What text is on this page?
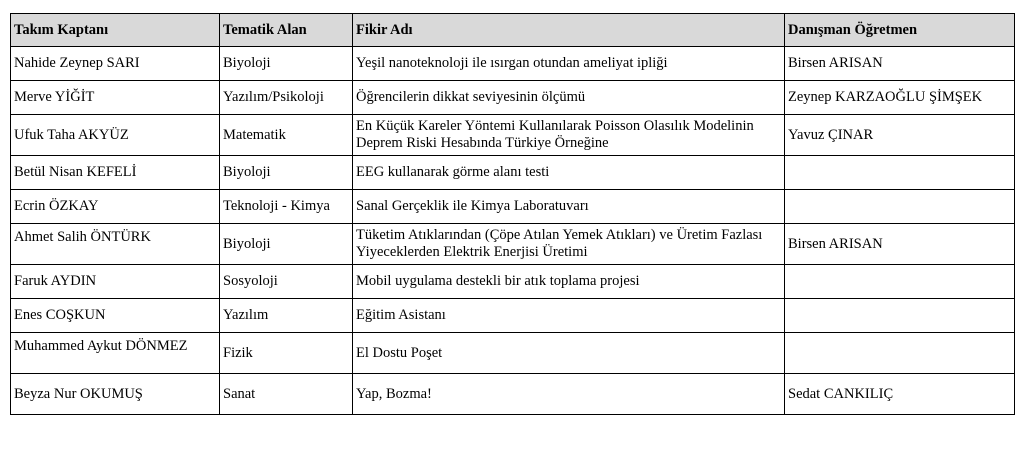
Takım Kaptanı	Tematik Alan	Fikir Adı	Danışman Öğretmen
Nahide Zeynep SARI	Biyoloji	Yeşil nanoteknoloji ile ısırgan otundan ameliyat ipliği	Birsen ARISAN
Merve YİĞİT	Yazılım/Psikoloji	Öğrencilerin dikkat seviyesinin ölçümü	Zeynep KARZAOĞLU ŞİMŞEK
Ufuk Taha AKYÜZ	Matematik	En Küçük Kareler Yöntemi Kullanılarak Poisson Olasılık Modelinin Deprem Riski Hesabında Türkiye Örneğine	Yavuz ÇINAR
Betül Nisan KEFELİ	Biyoloji	EEG kullanarak görme alanı testi	
Ecrin ÖZKAY	Teknoloji - Kimya	Sanal Gerçeklik ile Kimya Laboratuvarı	
Ahmet Salih ÖNTÜRK	Biyoloji	Tüketim Atıklarından (Çöpe Atılan Yemek Atıkları) ve Üretim Fazlası Yiyeceklerden Elektrik Enerjisi Üretimi	Birsen ARISAN
Faruk AYDIN	Sosyoloji	Mobil uygulama destekli bir atık toplama projesi	
Enes COŞKUN	Yazılım	Eğitim Asistanı	
Muhammed Aykut DÖNMEZ	Fizik	El Dostu Poşet	
Beyza Nur OKUMUŞ	Sanat	Yap, Bozma!	Sedat CANKILIÇ
